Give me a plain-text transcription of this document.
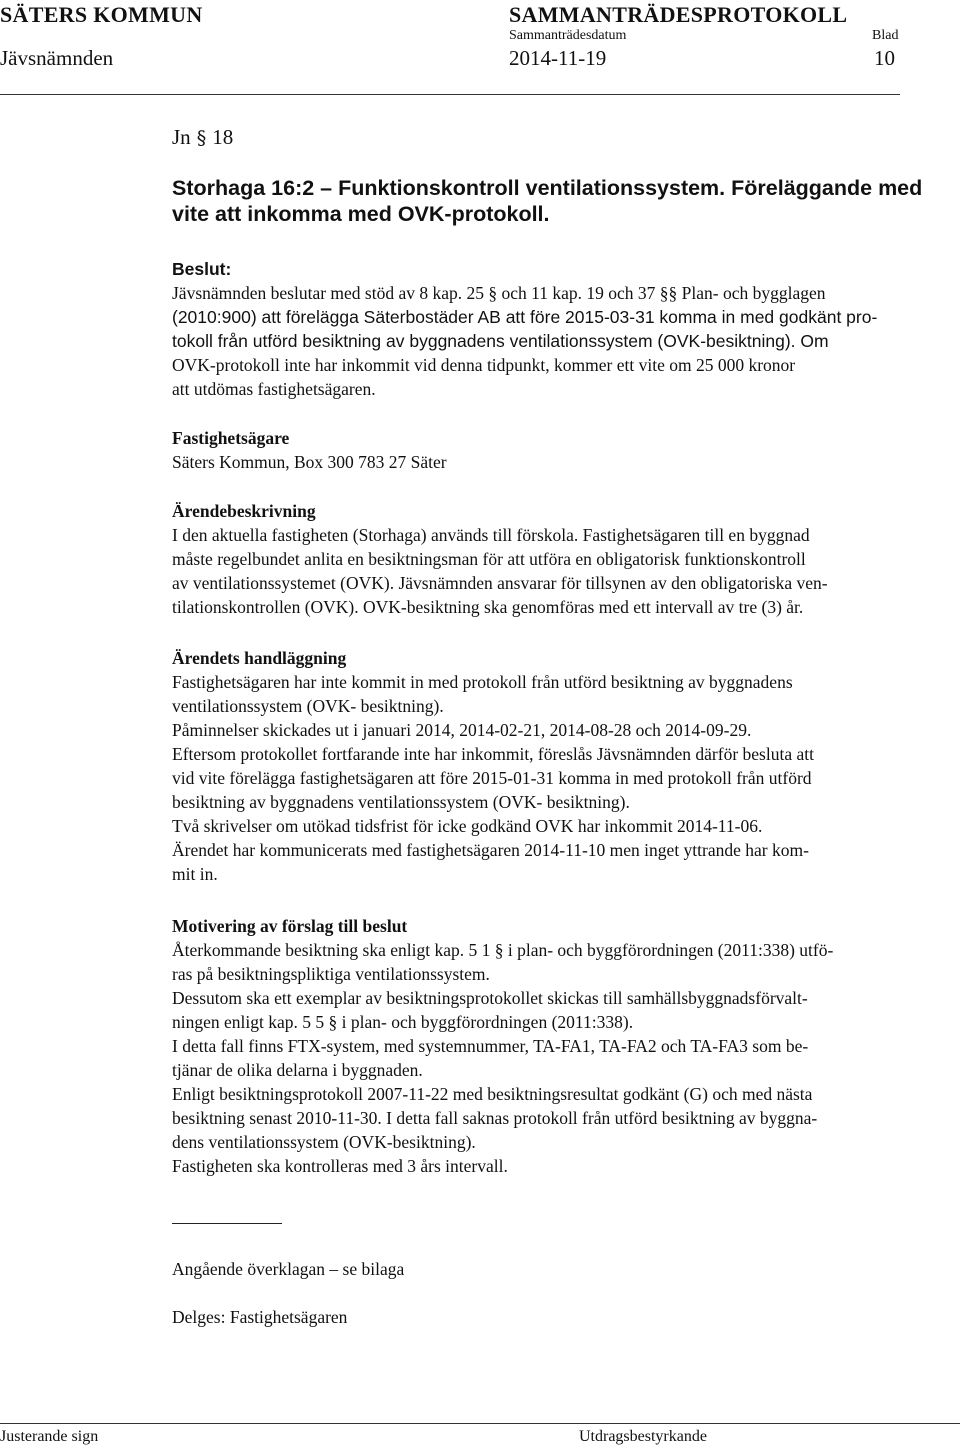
SÄTERS KOMMUN	SAMMANTRÄDESPROTOKOLL
Sammanträdesdatum	Blad
Jävsnämnden	2014-11-19	10
Jn § 18
Storhaga 16:2 – Funktionskontroll ventilationssystem. Föreläggande med vite att inkomma med OVK-protokoll.
Beslut:
Jävsnämnden beslutar med stöd av 8 kap. 25 § och 11 kap. 19 och 37 §§ Plan- och bygglagen
(2010:900) att förelägga Säterbostäder AB att före 2015-03-31 komma in med godkänt pro-
tokoll från utförd besiktning av byggnadens ventilationssystem (OVK-besiktning). Om
OVK-protokoll inte har inkommit vid denna tidpunkt, kommer ett vite om 25 000 kronor
att utdömas fastighetsägaren.
Fastighetsägare
Säters Kommun, Box 300 783 27 Säter
Ärendebeskrivning
I den aktuella fastigheten (Storhaga) används till förskola. Fastighetsägaren till en byggnad
måste regelbundet anlita en besiktningsman för att utföra en obligatorisk funktionskontroll
av ventilationssystemet (OVK). Jävsnämnden ansvarar för tillsynen av den obligatoriska ven-
tilationskontrollen (OVK). OVK-besiktning ska genomföras med ett intervall av tre (3) år.
Ärendets handläggning
Fastighetsägaren har inte kommit in med protokoll från utförd besiktning av byggnadens
ventilationssystem (OVK- besiktning).
Påminnelser skickades ut i januari 2014, 2014-02-21, 2014-08-28 och 2014-09-29.
Eftersom protokollet fortfarande inte har inkommit, föreslås Jävsnämnden därför besluta att
vid vite förelägga fastighetsägaren att före 2015-01-31 komma in med protokoll från utförd
besiktning av byggnadens ventilationssystem (OVK- besiktning).
Två skrivelser om utökad tidsfrist för icke godkänd OVK har inkommit 2014-11-06.
Ärendet har kommunicerats med fastighetsägaren 2014-11-10 men inget yttrande har kom-
mit in.
Motivering av förslag till beslut
Återkommande besiktning ska enligt kap. 5 1 § i plan- och byggförordningen (2011:338) utfö-
ras på besiktningspliktiga ventilationssystem.
Dessutom ska ett exemplar av besiktningsprotokollet skickas till samhällsbyggnadsförvalt-
ningen enligt kap. 5 5 § i plan- och byggförordningen (2011:338).
I detta fall finns FTX-system, med systemnummer, TA-FA1, TA-FA2 och TA-FA3 som be-
tjänar de olika delarna i byggnaden.
Enligt besiktningsprotokoll 2007-11-22 med besiktningsresultat godkänt (G) och med nästa
besiktning senast 2010-11-30. I detta fall saknas protokoll från utförd besiktning av byggna-
dens ventilationssystem (OVK-besiktning).
Fastigheten ska kontrolleras med 3 års intervall.
Angående överklagan – se bilaga
Delges: Fastighetsägaren
Justerande sign	Utdragsbestyrkande
